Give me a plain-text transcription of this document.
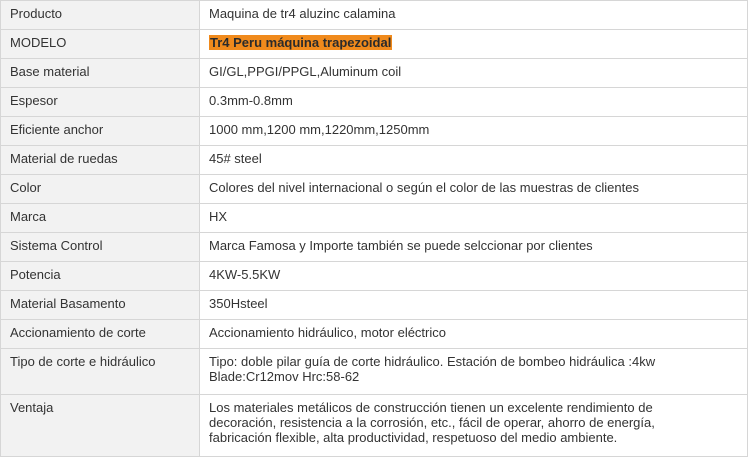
Producto	Maquina de tr4 aluzinc calamina
MODELO	Tr4 Peru máquina trapezoidal
Base material	GI/GL,PPGI/PPGL,Aluminum coil
Espesor	0.3mm-0.8mm
Eficiente anchor	1000 mm,1200 mm,1220mm,1250mm
Material de ruedas	45# steel
Color	Colores del nivel internacional o según el color de las muestras de clientes
Marca	HX
Sistema Control	Marca Famosa y Importe también se puede selccionar por clientes
Potencia	4KW-5.5KW
Material Basamento	350Hsteel
Accionamiento de corte	Accionamiento hidráulico, motor eléctrico
Tipo de corte e hidráulico	Tipo: doble pilar guía de corte hidráulico. Estación de bombeo hidráulica :4kw
Blade:Cr12mov Hrc:58-62

Ventaja	Los materiales metálicos de construcción tienen un excelente rendimiento de
decoración, resistencia a la corrosión, etc., fácil de operar, ahorro de energía,
fabricación flexible, alta productividad, respetuoso del medio ambiente.
